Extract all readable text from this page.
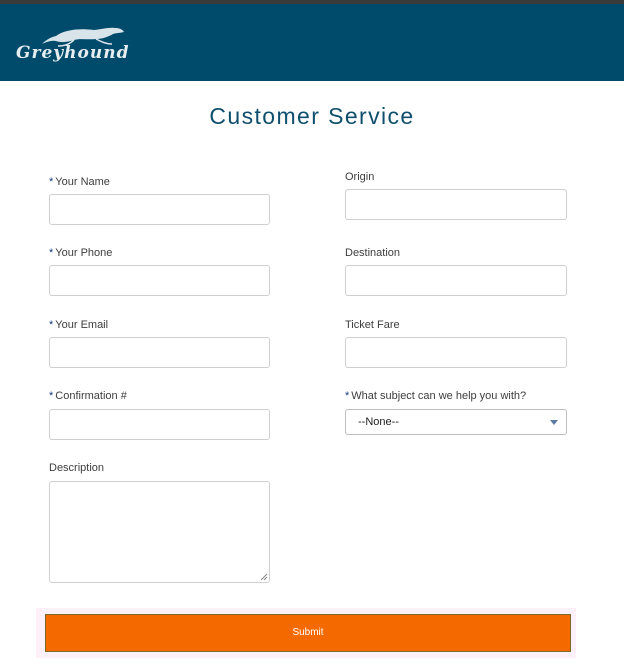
Greyhound
Customer Service
* Your Name
* Your Phone
* Your Email
* Confirmation #
Description
Origin
Destination
Ticket Fare
* What subject can we help you with?
--None--
Submit
